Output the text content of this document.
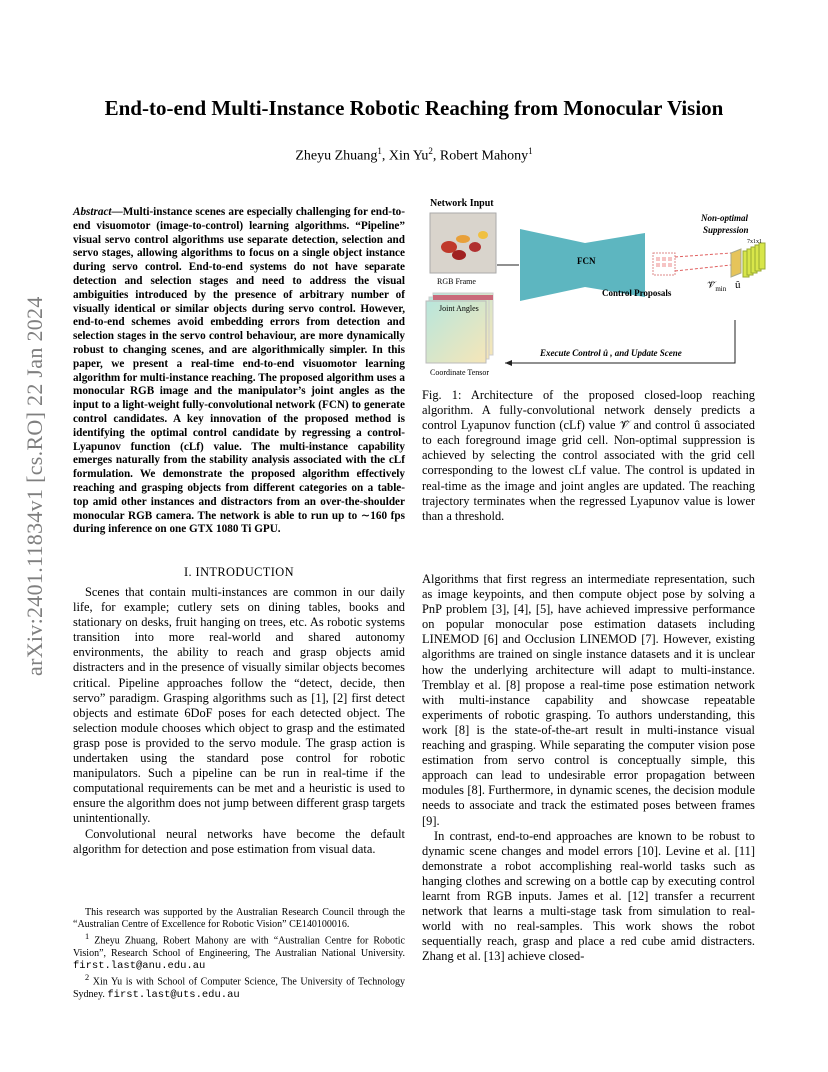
arXiv:2401.11834v1 [cs.RO] 22 Jan 2024
End-to-end Multi-Instance Robotic Reaching from Monocular Vision
Zheyu Zhuang$^1$, Xin Yu$^2$, Robert Mahony$^1$
Abstract—Multi-instance scenes are especially challenging for end-to-end visuomotor (image-to-control) learning algorithms. “Pipeline” visual servo control algorithms use separate detection, selection and servo stages, allowing algorithms to focus on a single object instance during servo control. End-to-end systems do not have separate detection and selection stages and need to address the visual ambiguities introduced by the presence of arbitrary number of visually identical or similar objects during servo control. However, end-to-end schemes avoid embedding errors from detection and selection stages in the servo control behaviour, are more dynamically robust to changing scenes, and are algorithmically simpler. In this paper, we present a real-time end-to-end visuomotor learning algorithm for multi-instance reaching. The proposed algorithm uses a monocular RGB image and the manipulator’s joint angles as the input to a light-weight fully-convolutional network (FCN) to generate control candidates. A key innovation of the proposed method is identifying the optimal control candidate by regressing a control-Lyapunov function (cLf) value. The multi-instance capability emerges naturally from the stability analysis associated with the cLf formulation. We demonstrate the proposed algorithm effectively reaching and grasping objects from different categories on a table-top amid other instances and distractors from an over-the-shoulder monocular RGB camera. The network is able to run up to ∼160 fps during inference on one GTX 1080 Ti GPU.
I. INTRODUCTION

Scenes that contain multi-instances are common in our daily life, for example; cutlery sets on dining tables, books and stationary on desks, fruit hanging on trees, etc. As robotic systems transition into more real-world and shared autonomy environments, the ability to reach and grasp objects amid distracters and in the presence of visually similar objects becomes critical. Pipeline approaches follow the “detect, decide, then servo” paradigm. Grasping algorithms such as [1], [2] first detect objects and estimate 6DoF poses for each detected object. The selection module chooses which object to grasp and the estimated grasp pose is provided to the servo module. The grasp action is undertaken using the standard pose control for robotic manipulators. Such a pipeline can be run in real-time if the computational requirements can be met and a heuristic is used to ensure the algorithm does not jump between different grasp targets unintentionally.

Convolutional neural networks have become the default algorithm for detection and pose estimation from visual data.

This research was supported by the Australian Research Council through the “Australian Centre of Excellence for Robotic Vision” CE140100016.
$^1$ Zheyu Zhuang, Robert Mahony are with “Australian Centre for Robotic Vision”, Research School of Engineering, The Australian National University. first.last@anu.edu.au
$^2$ Xin Yu is with School of Computer Science, The University of Technology Sydney. first.last@uts.edu.au
Network Input
RGB Frame
Joint Angles
Coordinate Tensor
FCN
Control Proposals
Non-optimal
Suppression
7x1x1
$𝒱̂_{min}$ û
Execute Control û , and Update Scene
Fig. 1: Architecture of the proposed closed-loop reaching algorithm. A fully-convolutional network densely predicts a control Lyapunov function (cLf) value 𝒱̂ and control û associated to each foreground image grid cell. Non-optimal suppression is achieved by selecting the control associated with the grid cell corresponding to the lowest cLf value. The control is updated in real-time as the image and joint angles are updated. The reaching trajectory terminates when the regressed Lyapunov value is lower than a threshold.

Algorithms that first regress an intermediate representation, such as image keypoints, and then compute object pose by solving a PnP problem [3], [4], [5], have achieved impressive performance on popular monocular pose estimation datasets including LINEMOD [6] and Occlusion LINEMOD [7]. However, existing algorithms are trained on single instance datasets and it is unclear how the underlying architecture will adapt to multi-instance. Tremblay et al. [8] propose a real-time pose estimation network with multi-instance capability and showcase repeatable experiments of robotic grasping. To authors understanding, this work [8] is the state-of-the-art result in multi-instance visual reaching and grasping. While separating the computer vision pose estimation from servo control is conceptually simple, this approach can lead to undesirable error propagation between modules [8]. Furthermore, in dynamic scenes, the decision module needs to associate and track the estimated poses between frames [9].

In contrast, end-to-end approaches are known to be robust to dynamic scene changes and model errors [10]. Levine et al. [11] demonstrate a robot accomplishing real-world tasks such as hanging clothes and screwing on a bottle cap by executing control learnt from RGB inputs. James et al. [12] transfer a recurrent network that learns a multi-stage task from simulation to real-world with no real-samples. This work shows the robot sequentially reach, grasp and place a red cube amid distracters. Zhang et al. [13] achieve closed-
